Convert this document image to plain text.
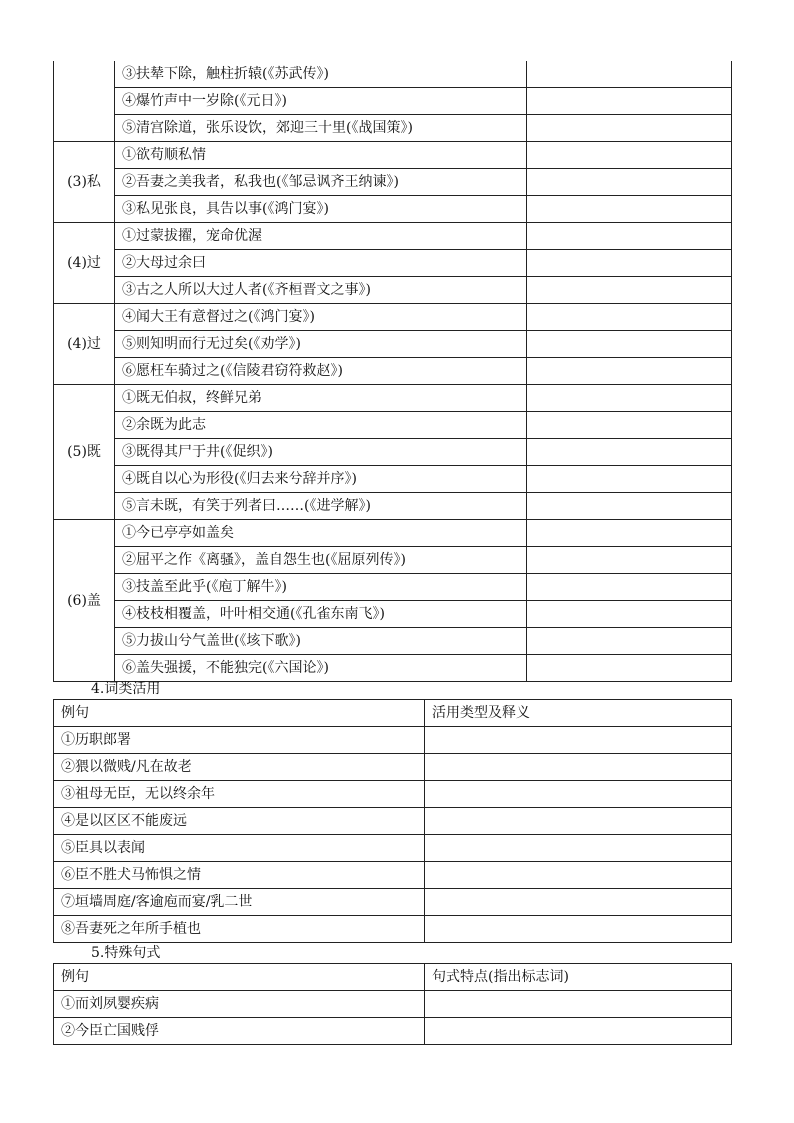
	③扶辇下除，触柱折辕(《苏武传》)	
	④爆竹声中一岁除(《元日》)	
	⑤清宫除道，张乐设饮，郊迎三十里(《战国策》)	
(3)私	①欲苟顺私情	
	②吾妻之美我者，私我也(《邹忌讽齐王纳谏》)	
	③私见张良，具告以事(《鸿门宴》)	
(4)过	①过蒙拔擢，宠命优渥	
	②大母过余曰	
	③古之人所以大过人者(《齐桓晋文之事》)	
(4)过	④闻大王有意督过之(《鸿门宴》)	
	⑤则知明而行无过矣(《劝学》)	
	⑥愿枉车骑过之(《信陵君窃符救赵》)	
(5)既	①既无伯叔，终鲜兄弟	
	②余既为此志	
	③既得其尸于井(《促织》)	
	④既自以心为形役(《归去来兮辞并序》)	
	⑤言未既，有笑于列者曰……(《进学解》)	
(6)盖	①今已亭亭如盖矣	
	②屈平之作《离骚》，盖自怨生也(《屈原列传》)	
	③技盖至此乎(《庖丁解牛》)	
	④枝枝相覆盖，叶叶相交通(《孔雀东南飞》)	
	⑤力拔山兮气盖世(《垓下歌》)	
	⑥盖失强援，不能独完(《六国论》)	
4.词类活用
例句	活用类型及释义
①历职郎署	
②猥以微贱/凡在故老	
③祖母无臣，无以终余年	
④是以区区不能废远	
⑤臣具以表闻	
⑥臣不胜犬马怖惧之情	
⑦垣墙周庭/客逾庖而宴/乳二世	
⑧吾妻死之年所手植也	
5.特殊句式
例句	句式特点(指出标志词)
①而刘夙婴疾病	
②今臣亡国贱俘	
